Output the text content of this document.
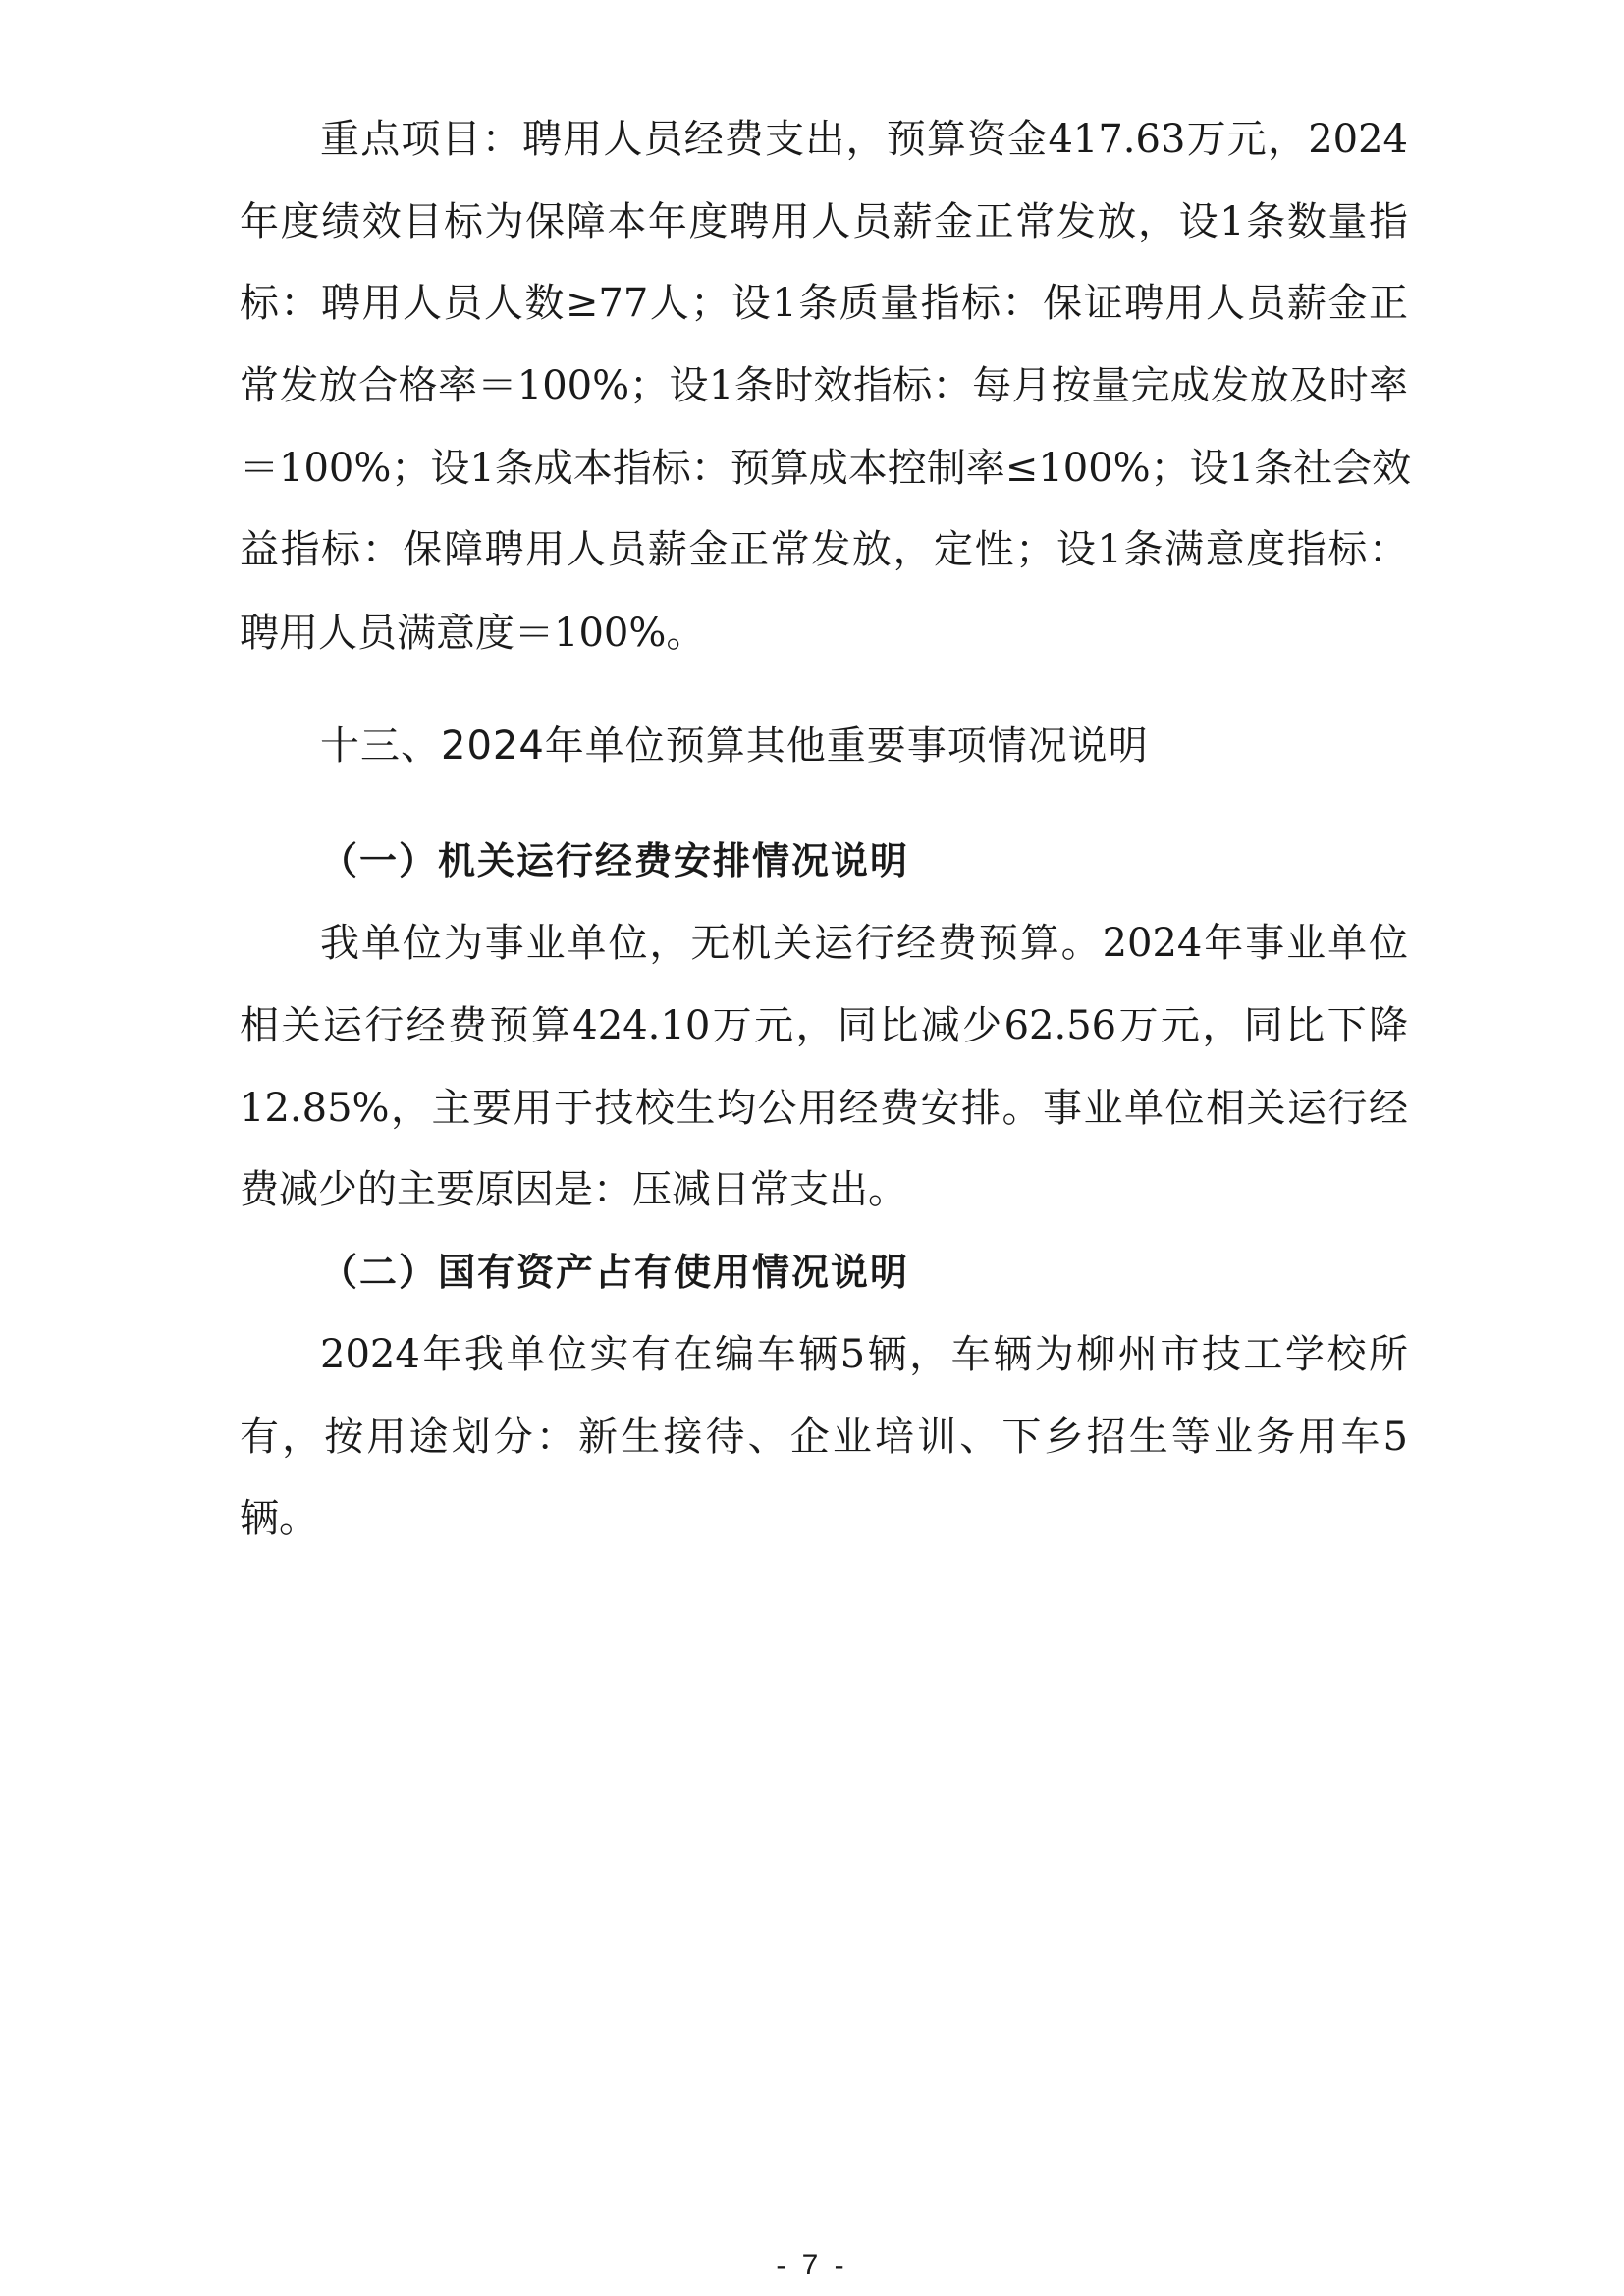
重点项目：聘用人员经费支出，预算资金417.63万元，2024
年度绩效目标为保障本年度聘用人员薪金正常发放，设1条数量指
标：聘用人员人数≥77人；设1条质量指标：保证聘用人员薪金正
常发放合格率＝100%；设1条时效指标：每月按量完成发放及时率
＝100%；设1条成本指标：预算成本控制率≤100%；设1条社会效
益指标：保障聘用人员薪金正常发放，定性；设1条满意度指标：
聘用人员满意度＝100%。
十三、2024年单位预算其他重要事项情况说明
（一）机关运行经费安排情况说明
我单位为事业单位，无机关运行经费预算。2024年事业单位
相关运行经费预算424.10万元，同比减少62.56万元，同比下降
12.85%，主要用于技校生均公用经费安排。事业单位相关运行经
费减少的主要原因是：压减日常支出。
（二）国有资产占有使用情况说明
2024年我单位实有在编车辆5辆，车辆为柳州市技工学校所
有，按用途划分：新生接待、企业培训、下乡招生等业务用车5
辆。
- 7 -
